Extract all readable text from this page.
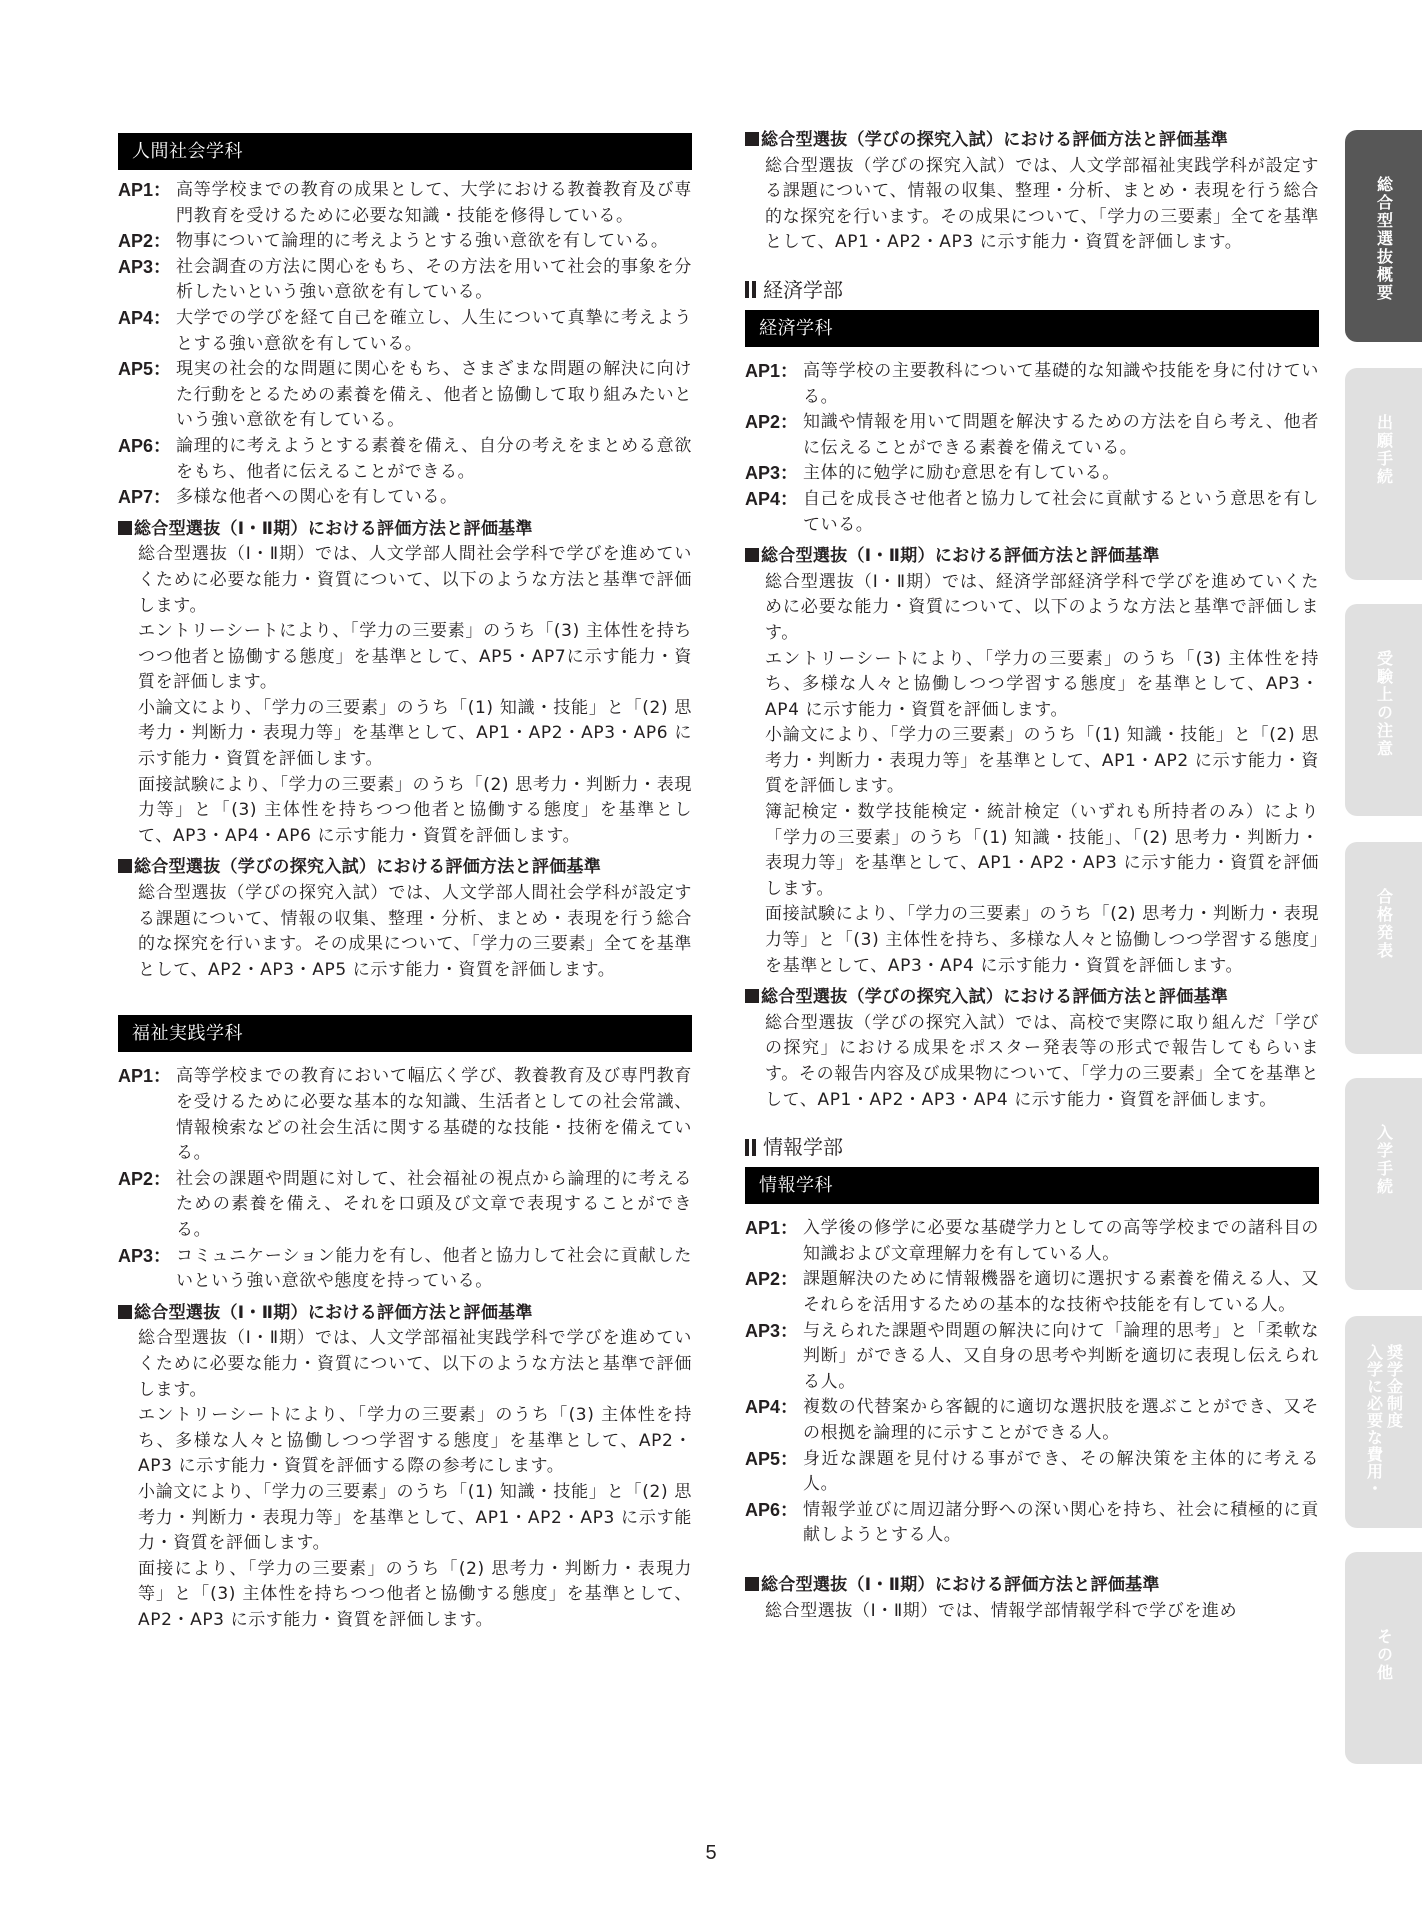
人間社会学科
AP1： 高等学校までの教育の成果として、大学における教養教育及び専門教育を受けるために必要な知識・技能を修得している。
AP2： 物事について論理的に考えようとする強い意欲を有している。
AP3： 社会調査の方法に関心をもち、その方法を用いて社会的事象を分析したいという強い意欲を有している。
AP4： 大学での学びを経て自己を確立し、人生について真摯に考えようとする強い意欲を有している。
AP5： 現実の社会的な問題に関心をもち、さまざまな問題の解決に向けた行動をとるための素養を備え、他者と協働して取り組みたいという強い意欲を有している。
AP6： 論理的に考えようとする素養を備え、自分の考えをまとめる意欲をもち、他者に伝えることができる。
AP7： 多様な他者への関心を有している。
総合型選抜（Ⅰ・Ⅱ期）における評価方法と評価基準
総合型選抜（Ⅰ・Ⅱ期）では、人文学部人間社会学科で学びを進めていくために必要な能力・資質について、以下のような方法と基準で評価します。
エントリーシートにより、「学力の三要素」のうち「(3) 主体性を持ちつつ他者と協働する態度」を基準として、AP5・AP7に示す能力・資質を評価します。
小論文により、「学力の三要素」のうち「(1) 知識・技能」と「(2) 思考力・判断力・表現力等」を基準として、AP1・AP2・AP3・AP6 に示す能力・資質を評価します。
面接試験により、「学力の三要素」のうち「(2) 思考力・判断力・表現力等」と「(3) 主体性を持ちつつ他者と協働する態度」を基準として、AP3・AP4・AP6 に示す能力・資質を評価します。
総合型選抜（学びの探究入試）における評価方法と評価基準
総合型選抜（学びの探究入試）では、人文学部人間社会学科が設定する課題について、情報の収集、整理・分析、まとめ・表現を行う総合的な探究を行います。その成果について、「学力の三要素」全てを基準として、AP2・AP3・AP5 に示す能力・資質を評価します。
福祉実践学科
AP1： 高等学校までの教育において幅広く学び、教養教育及び専門教育を受けるために必要な基本的な知識、生活者としての社会常識、情報検索などの社会生活に関する基礎的な技能・技術を備えている。
AP2： 社会の課題や問題に対して、社会福祉の視点から論理的に考えるための素養を備え、それを口頭及び文章で表現することができる。
AP3： コミュニケーション能力を有し、他者と協力して社会に貢献したいという強い意欲や態度を持っている。
総合型選抜（Ⅰ・Ⅱ期）における評価方法と評価基準
総合型選抜（Ⅰ・Ⅱ期）では、人文学部福祉実践学科で学びを進めていくために必要な能力・資質について、以下のような方法と基準で評価します。
エントリーシートにより、「学力の三要素」のうち「(3) 主体性を持ち、多様な人々と協働しつつ学習する態度」を基準として、AP2・AP3 に示す能力・資質を評価する際の参考にします。
小論文により、「学力の三要素」のうち「(1) 知識・技能」と「(2) 思考力・判断力・表現力等」を基準として、AP1・AP2・AP3 に示す能力・資質を評価します。
面接により、「学力の三要素」のうち「(2) 思考力・判断力・表現力等」と「(3) 主体性を持ちつつ他者と協働する態度」を基準として、AP2・AP3 に示す能力・資質を評価します。
総合型選抜（学びの探究入試）における評価方法と評価基準
総合型選抜（学びの探究入試）では、人文学部福祉実践学科が設定する課題について、情報の収集、整理・分析、まとめ・表現を行う総合的な探究を行います。その成果について、「学力の三要素」全てを基準として、AP1・AP2・AP3 に示す能力・資質を評価します。
経済学部
経済学科
AP1： 高等学校の主要教科について基礎的な知識や技能を身に付けている。
AP2： 知識や情報を用いて問題を解決するための方法を自ら考え、他者に伝えることができる素養を備えている。
AP3： 主体的に勉学に励む意思を有している。
AP4： 自己を成長させ他者と協力して社会に貢献するという意思を有している。
総合型選抜（Ⅰ・Ⅱ期）における評価方法と評価基準
総合型選抜（Ⅰ・Ⅱ期）では、経済学部経済学科で学びを進めていくために必要な能力・資質について、以下のような方法と基準で評価します。
エントリーシートにより、「学力の三要素」のうち「(3) 主体性を持ち、多様な人々と協働しつつ学習する態度」を基準として、AP3・AP4 に示す能力・資質を評価します。
小論文により、「学力の三要素」のうち「(1) 知識・技能」と「(2) 思考力・判断力・表現力等」を基準として、AP1・AP2 に示す能力・資質を評価します。
簿記検定・数学技能検定・統計検定（いずれも所持者のみ）により「学力の三要素」のうち「(1) 知識・技能」、「(2) 思考力・判断力・表現力等」を基準として、AP1・AP2・AP3 に示す能力・資質を評価します。
面接試験により、「学力の三要素」のうち「(2) 思考力・判断力・表現力等」と「(3) 主体性を持ち、多様な人々と協働しつつ学習する態度」を基準として、AP3・AP4 に示す能力・資質を評価します。
総合型選抜（学びの探究入試）における評価方法と評価基準
総合型選抜（学びの探究入試）では、高校で実際に取り組んだ「学びの探究」における成果をポスター発表等の形式で報告してもらいます。その報告内容及び成果物について、「学力の三要素」全てを基準として、AP1・AP2・AP3・AP4 に示す能力・資質を評価します。
情報学部
情報学科
AP1： 入学後の修学に必要な基礎学力としての高等学校までの諸科目の知識および文章理解力を有している人。
AP2： 課題解決のために情報機器を適切に選択する素養を備える人、又それらを活用するための基本的な技術や技能を有している人。
AP3： 与えられた課題や問題の解決に向けて「論理的思考」と「柔軟な判断」ができる人、又自身の思考や判断を適切に表現し伝えられる人。
AP4： 複数の代替案から客観的に適切な選択肢を選ぶことができ、又その根拠を論理的に示すことができる人。
AP5： 身近な課題を見付ける事ができ、その解決策を主体的に考える人。
AP6： 情報学並びに周辺諸分野への深い関心を持ち、社会に積極的に貢献しようとする人。
総合型選抜（Ⅰ・Ⅱ期）における評価方法と評価基準
総合型選抜（Ⅰ・Ⅱ期）では、情報学部情報学科で学びを進め
総合型選抜概要
出願手続
受験上の注意
合格発表
入学手続
入学に必要な費用・ 奨学金制度
その他
5
